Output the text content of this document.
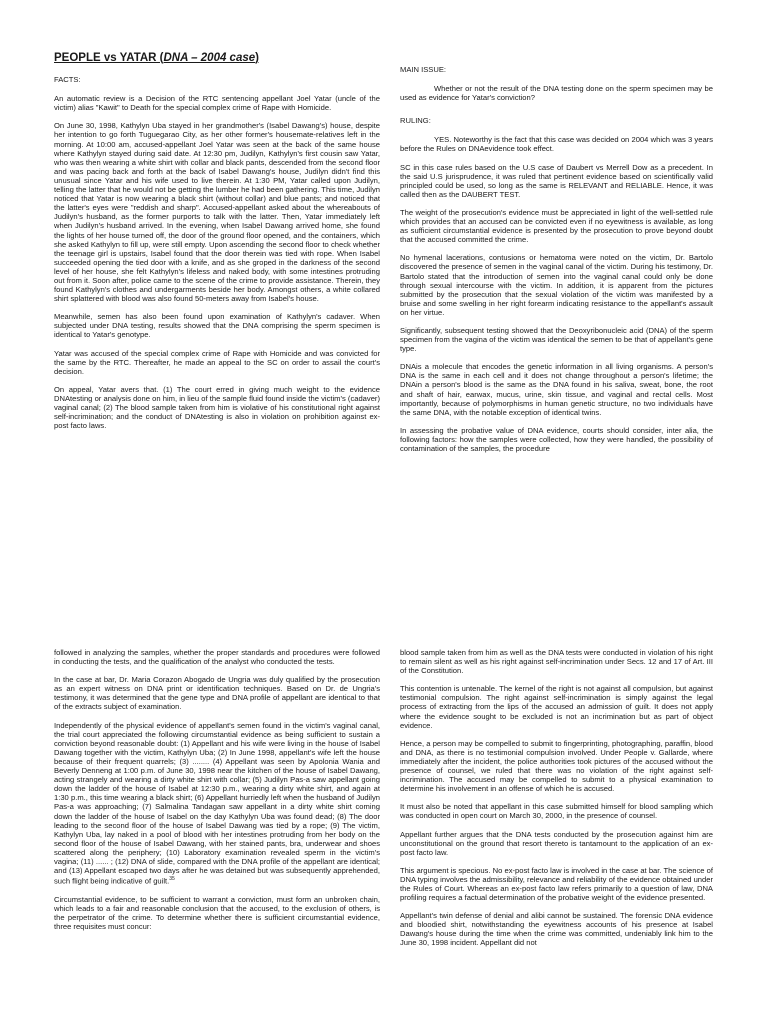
PEOPLE vs YATAR (DNA – 2004 case)

FACTS:

An automatic review is a Decision of the RTC sentencing appellant Joel Yatar (uncle of the victim) alias "Kawit" to Death for the special complex crime of Rape with Homicide.

On June 30, 1998, Kathylyn Uba stayed in her grandmother's (Isabel Dawang's) house, despite her intention to go forth Tuguegarao City, as her other former's housemate-relatives left in the morning. At 10:00 am, accused-appellant Joel Yatar was seen at the back of the same house where Kathylyn stayed during said date. At 12:30 pm, Judilyn, Kathylyn's first cousin saw Yatar, who was then wearing a white shirt with collar and black pants, descended from the second floor and was pacing back and forth at the back of Isabel Dawang's house, Judilyn didn't find this unusual since Yatar and his wife used to live therein. At 1:30 PM, Yatar called upon Judilyn, telling the latter that he would not be getting the lumber he had been gathering. This time, Judilyn noticed that Yatar is now wearing a black shirt (without collar) and blue pants; and noticed that the latter's eyes were "reddish and sharp". Accused-appellant asked about the whereabouts of Judilyn's husband, as the former purports to talk with the latter. Then, Yatar immediately left when Judilyn's husband arrived. In the evening, when Isabel Dawang arrived home, she found the lights of her house turned off, the door of the ground floor opened, and the containers, which she asked Kathylyn to fill up, were still empty. Upon ascending the second floor to check whether the teenage girl is upstairs, Isabel found that the door therein was tied with rope. When Isabel succeeded opening the tied door with a knife, and as she groped in the darkness of the second level of her house, she felt Kathylyn's lifeless and naked body, with some intestines protruding out from it. Soon after, police came to the scene of the crime to provide assistance. Therein, they found Kathylyn's clothes and undergarments beside her body. Amongst others, a white collared shirt splattered with blood was also found 50-meters away from Isabel's house.

Meanwhile, semen has also been found upon examination of Kathylyn's cadaver. When subjected under DNA testing, results showed that the DNA comprising the sperm specimen is identical to Yatar's genotype.

Yatar was accused of the special complex crime of Rape with Homicide and was convicted for the same by the RTC. Thereafter, he made an appeal to the SC on order to assail the court's decision.

On appeal, Yatar avers that. (1) The court erred in giving much weight to the evidence DNAtesting or analysis done on him, in lieu of the sample fluid found inside the victim's (cadaver) vaginal canal; (2) The blood sample taken from him is violative of his constitutional right against self-incrimination; and the conduct of DNAtesting is also in violation on prohibition against ex-post facto laws.

MAIN ISSUE:

Whether or not the result of the DNA testing done on the sperm specimen may be used as evidence for Yatar's conviction?

RULING:

YES. Noteworthy is the fact that this case was decided on 2004 which was 3 years before the Rules on DNAevidence took effect.

SC in this case rules based on the U.S case of Daubert vs Merrell Dow as a precedent. In the said U.S jurisprudence, it was ruled that pertinent evidence based on scientifically valid principled could be used, so long as the same is RELEVANT and RELIABLE. Hence, it was called then as the DAUBERT TEST.

The weight of the prosecution's evidence must be appreciated in light of the well-settled rule which provides that an accused can be convicted even if no eyewitness is available, as long as sufficient circumstantial evidence is presented by the prosecution to prove beyond doubt that the accused committed the crime.

No hymenal lacerations, contusions or hematoma were noted on the victim, Dr. Bartolo discovered the presence of semen in the vaginal canal of the victim. During his testimony, Dr. Bartolo stated that the introduction of semen into the vaginal canal could only be done through sexual intercourse with the victim. In addition, it is apparent from the pictures submitted by the prosecution that the sexual violation of the victim was manifested by a bruise and some swelling in her right forearm indicating resistance to the appellant's assault on her virtue.

Significantly, subsequent testing showed that the Deoxyribonucleic acid (DNA) of the sperm specimen from the vagina of the victim was identical the semen to be that of appellant's gene type.

DNAis a molecule that encodes the genetic information in all living organisms. A person's DNA is the same in each cell and it does not change throughout a person's lifetime; the DNAin a person's blood is the same as the DNA found in his saliva, sweat, bone, the root and shaft of hair, earwax, mucus, urine, skin tissue, and vaginal and rectal cells. Most importantly, because of polymorphisms in human genetic structure, no two individuals have the same DNA, with the notable exception of identical twins.

In assessing the probative value of DNA evidence, courts should consider, inter alia, the following factors: how the samples were collected, how they were handled, the possibility of contamination of the samples, the procedure

followed in analyzing the samples, whether the proper standards and procedures were followed in conducting the tests, and the qualification of the analyst who conducted the tests.

In the case at bar, Dr. Maria Corazon Abogado de Ungria was duly qualified by the prosecution as an expert witness on DNA print or identification techniques. Based on Dr. de Ungria's testimony, it was determined that the gene type and DNA profile of appellant are identical to that of the extracts subject of examination.

Independently of the physical evidence of appellant's semen found in the victim's vaginal canal, the trial court appreciated the following circumstantial evidence as being sufficient to sustain a conviction beyond reasonable doubt: (1) Appellant and his wife were living in the house of Isabel Dawang together with the victim, Kathylyn Uba; (2) In June 1998, appellant's wife left the house because of their frequent quarrels; (3) ........ (4) Appellant was seen by Apolonia Wania and Beverly Denneng at 1:00 p.m. of June 30, 1998 near the kitchen of the house of Isabel Dawang, acting strangely and wearing a dirty white shirt with collar; (5) Judilyn Pas-a saw appellant going down the ladder of the house of Isabel at 12:30 p.m., wearing a dirty white shirt, and again at 1:30 p.m., this time wearing a black shirt; (6) Appellant hurriedly left when the husband of Judilyn Pas-a was approaching; (7) Salmalina Tandagan saw appellant in a dirty white shirt coming down the ladder of the house of Isabel on the day Kathylyn Uba was found dead; (8) The door leading to the second floor of the house of Isabel Dawang was tied by a rope; (9) The victim, Kathylyn Uba, lay naked in a pool of blood with her intestines protruding from her body on the second floor of the house of Isabel Dawang, with her stained pants, bra, underwear and shoes scattered along the periphery; (10) Laboratory examination revealed sperm in the victim's vagina; (11) ...... ; (12) DNA of slide, compared with the DNA profile of the appellant are identical; and (13) Appellant escaped two days after he was detained but was subsequently apprehended, such flight being indicative of guilt.$^{35}$

Circumstantial evidence, to be sufficient to warrant a conviction, must form an unbroken chain, which leads to a fair and reasonable conclusion that the accused, to the exclusion of others, is the perpetrator of the crime. To determine whether there is sufficient circumstantial evidence, three requisites must concur:

blood sample taken from him as well as the DNA tests were conducted in violation of his right to remain silent as well as his right against self-incrimination under Secs. 12 and 17 of Art. III of the Constitution.

This contention is untenable. The kernel of the right is not against all compulsion, but against testimonial compulsion. The right against self-incrimination is simply against the legal process of extracting from the lips of the accused an admission of guilt. It does not apply where the evidence sought to be excluded is not an incrimination but as part of object evidence.

Hence, a person may be compelled to submit to fingerprinting, photographing, paraffin, blood and DNA, as there is no testimonial compulsion involved. Under People v. Gallarde, where immediately after the incident, the police authorities took pictures of the accused without the presence of counsel, we ruled that there was no violation of the right against self-incrimination. The accused may be compelled to submit to a physical examination to determine his involvement in an offense of which he is accused.

It must also be noted that appellant in this case submitted himself for blood sampling which was conducted in open court on March 30, 2000, in the presence of counsel.

Appellant further argues that the DNA tests conducted by the prosecution against him are unconstitutional on the ground that resort thereto is tantamount to the application of an ex-post facto law.

This argument is specious. No ex-post facto law is involved in the case at bar. The science of DNA typing involves the admissibility, relevance and reliability of the evidence obtained under the Rules of Court. Whereas an ex-post facto law refers primarily to a question of law, DNA profiling requires a factual determination of the probative weight of the evidence presented.

Appellant's twin defense of denial and alibi cannot be sustained. The forensic DNA evidence and bloodied shirt, notwithstanding the eyewitness accounts of his presence at Isabel Dawang's house during the time when the crime was committed, undeniably link him to the June 30, 1998 incident. Appellant did not
